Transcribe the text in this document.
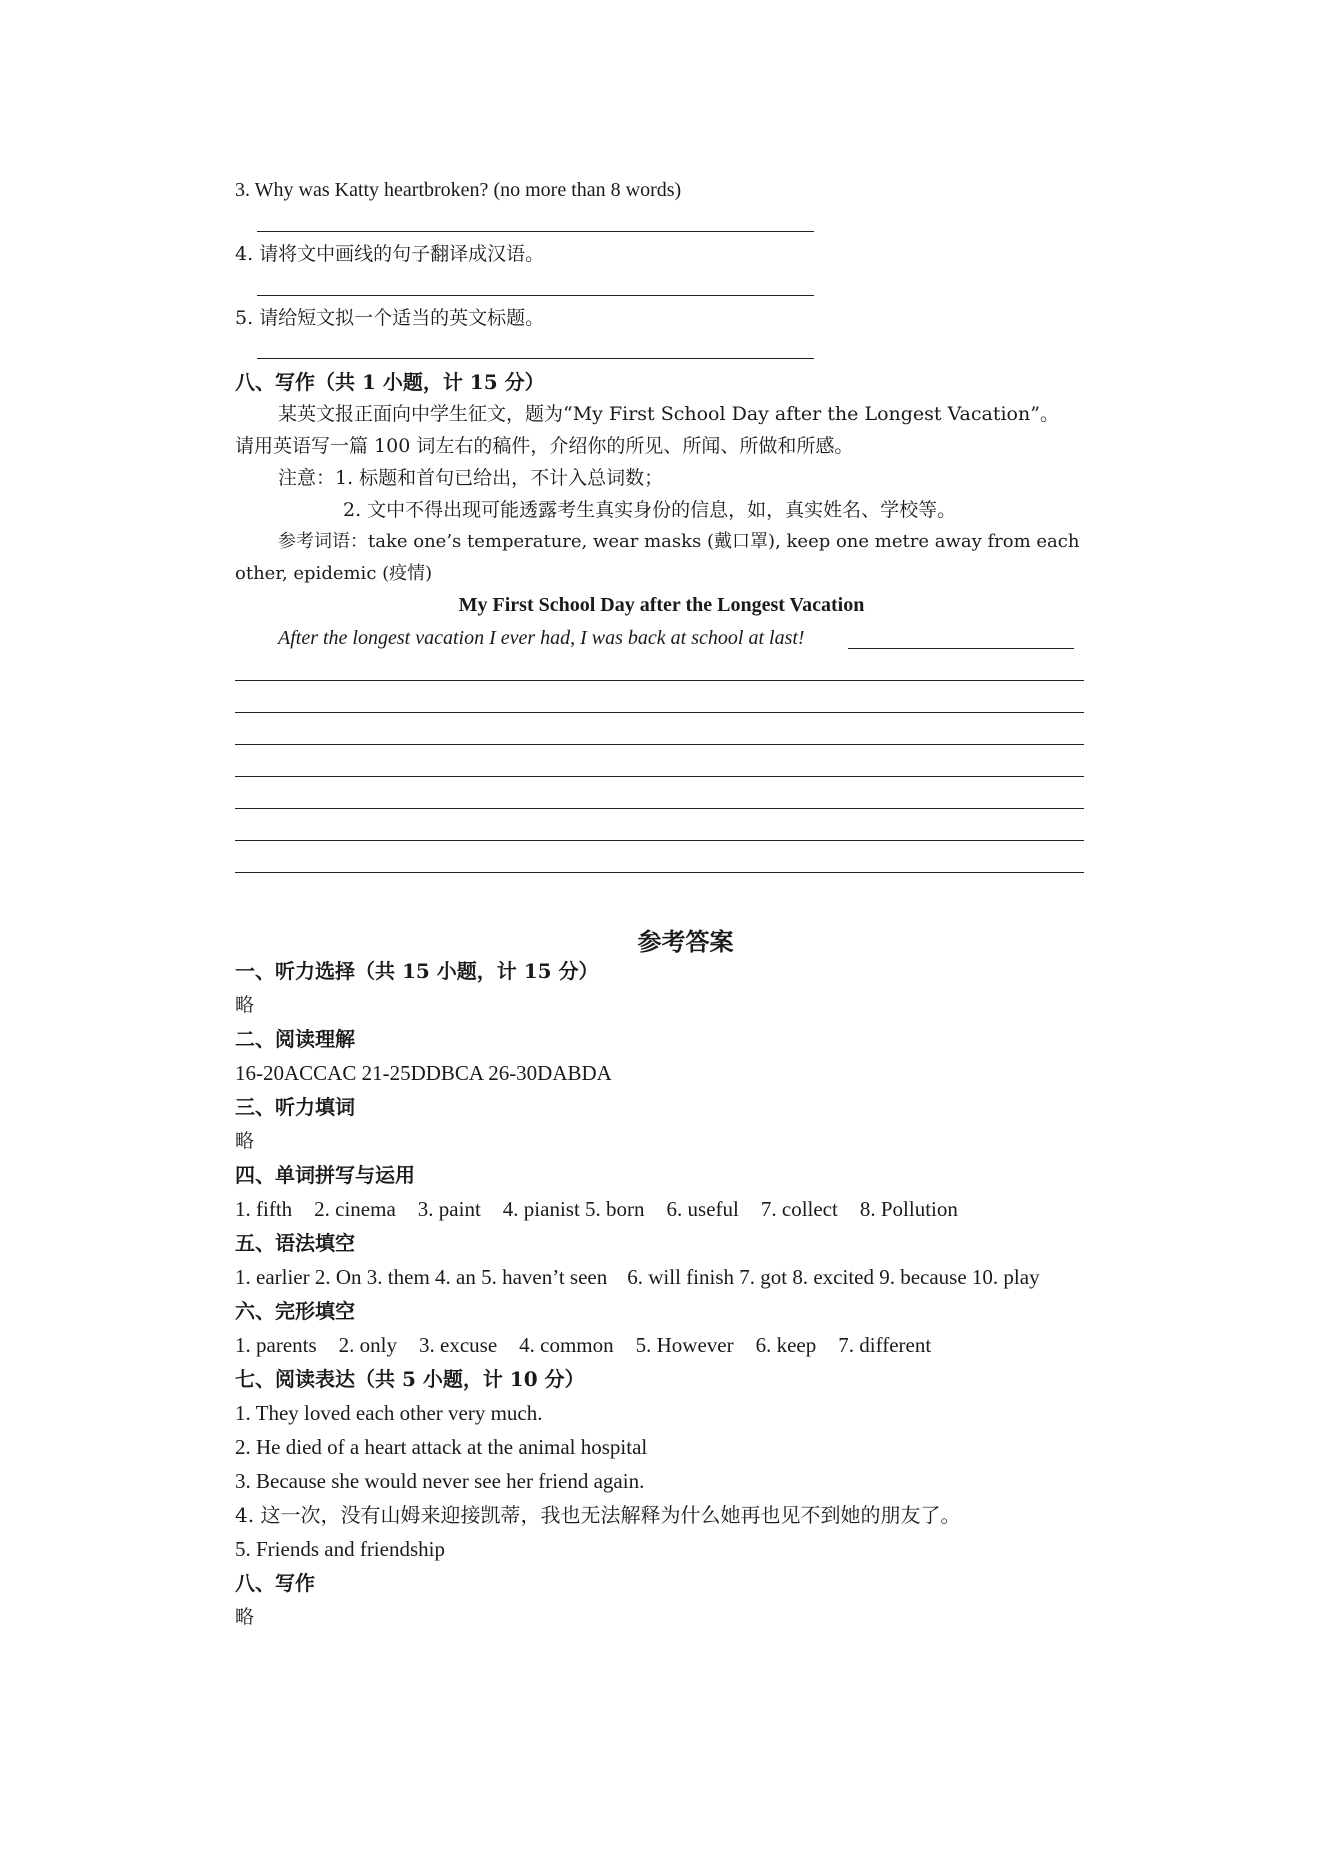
3. Why was Katty heartbroken? (no more than 8 words)
4. 请将文中画线的句子翻译成汉语。
5. 请给短文拟一个适当的英文标题。
八、写作（共 1 小题，计 15 分）
某英文报正面向中学生征文，题为“My First School Day after the Longest Vacation”。
请用英语写一篇 100 词左右的稿件，介绍你的所见、所闻、所做和所感。
注意：1. 标题和首句已给出，不计入总词数；
2. 文中不得出现可能透露考生真实身份的信息，如，真实姓名、学校等。
参考词语：take one’s temperature, wear masks (戴口罩), keep one metre away from each
other, epidemic (疫情)
My First School Day after the Longest Vacation
After the longest vacation I ever had, I was back at school at last!
参考答案
一、听力选择（共 15 小题，计 15 分）
略
二、阅读理解
16-20ACCAC 21-25DDBCA 26-30DABDA
三、听力填词
略
四、单词拼写与运用
1. fifth 2. cinema 3. paint 4. pianist 5. born 6. useful 7. collect 8. Pollution
五、语法填空
1. earlier 2. On 3. them 4. an 5. haven’t seen 6. will finish 7. got 8. excited 9. because 10. play
六、完形填空
1. parents 2. only 3. excuse 4. common 5. However 6. keep 7. different
七、阅读表达（共 5 小题，计 10 分）
1. They loved each other very much.
2. He died of a heart attack at the animal hospital
3. Because she would never see her friend again.
4. 这一次，没有山姆来迎接凯蒂，我也无法解释为什么她再也见不到她的朋友了。
5. Friends and friendship
八、写作
略
